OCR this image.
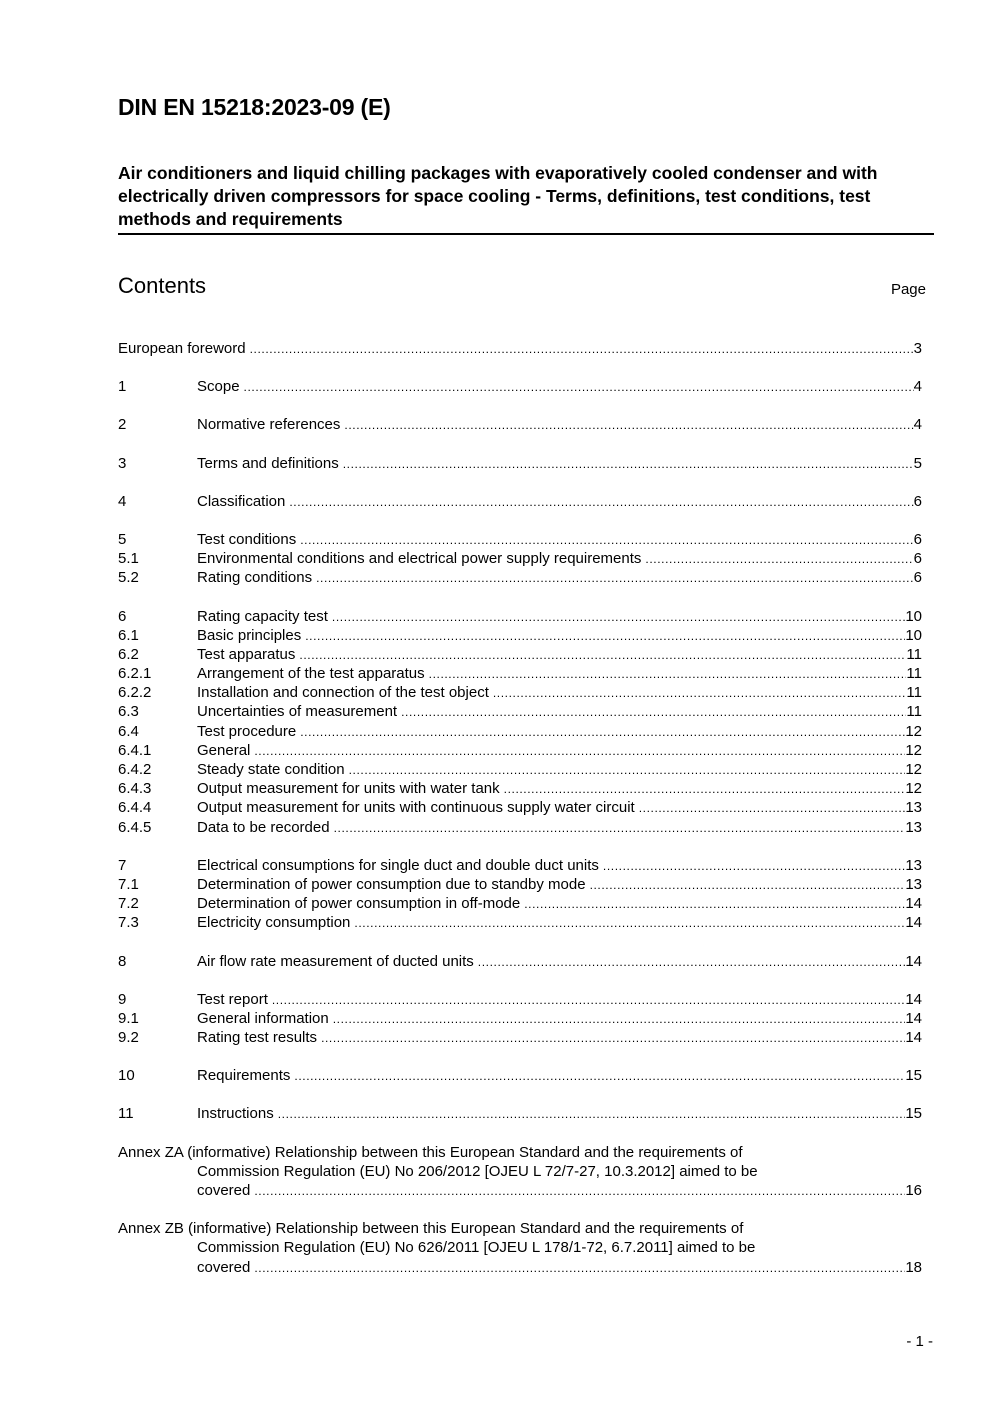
DIN EN 15218:2023-09 (E)
Air conditioners and liquid chilling packages with evaporatively cooled condenser and with electrically driven compressors for space cooling - Terms, definitions, test conditions, test methods and requirements
Contents	Page
European foreword .....	3
1	Scope .....	4
2	Normative references .....	4
3	Terms and definitions .....	5
4	Classification .....	6
5	Test conditions .....	6
5.1	Environmental conditions and electrical power supply requirements .....	6
5.2	Rating conditions .....	6
6	Rating capacity test .....	10
6.1	Basic principles .....	10
6.2	Test apparatus .....	11
6.2.1	Arrangement of the test apparatus .....	11
6.2.2	Installation and connection of the test object .....	11
6.3	Uncertainties of measurement .....	11
6.4	Test procedure .....	12
6.4.1	General .....	12
6.4.2	Steady state condition .....	12
6.4.3	Output measurement for units with water tank .....	12
6.4.4	Output measurement for units with continuous supply water circuit .....	13
6.4.5	Data to be recorded .....	13
7	Electrical consumptions for single duct and double duct units .....	13
7.1	Determination of power consumption due to standby mode .....	13
7.2	Determination of power consumption in off-mode .....	14
7.3	Electricity consumption .....	14
8	Air flow rate measurement of ducted units .....	14
9	Test report .....	14
9.1	General information .....	14
9.2	Rating test results .....	14
10	Requirements .....	15
11	Instructions .....	15
Annex ZA (informative) Relationship between this European Standard and the requirements of
Commission Regulation (EU) No 206/2012 [OJEU L 72/7-27, 10.3.2012] aimed to be
covered .....	16
Annex ZB (informative) Relationship between this European Standard and the requirements of
Commission Regulation (EU) No 626/2011 [OJEU L 178/1-72, 6.7.2011] aimed to be
covered .....	18
- 1 -
